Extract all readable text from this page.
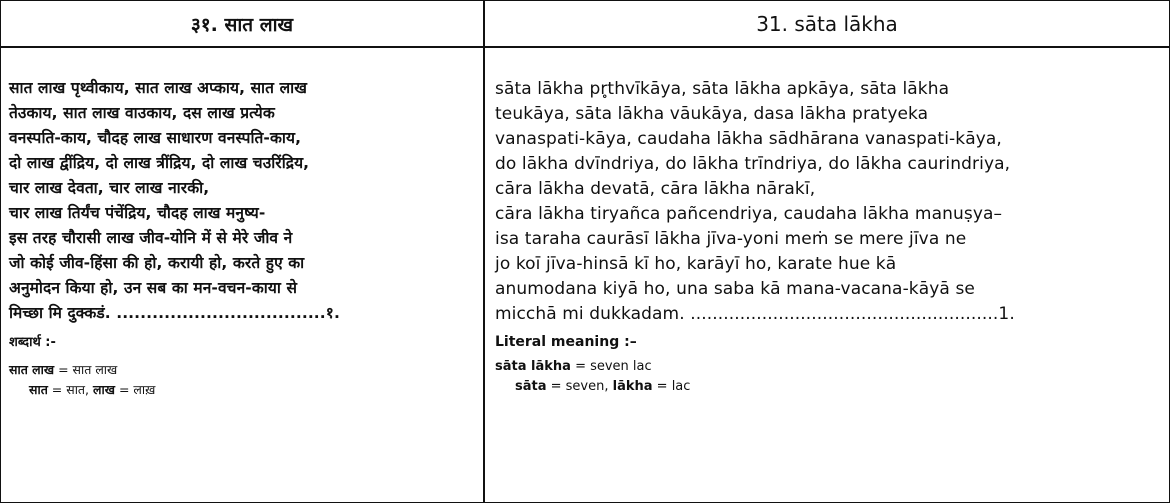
३१. सात लाख
सात लाख पृथ्वीकाय, सात लाख अप्काय, सात लाख
तेउकाय, सात लाख वाउकाय, दस लाख प्रत्येक
वनस्पति-काय, चौदह लाख साधारण वनस्पति-काय,
दो लाख द्वींद्रिय, दो लाख त्रींद्रिय, दो लाख चउरिंद्रिय,
चार लाख देवता, चार लाख नारकी,
चार लाख तिर्यंच पंचेंद्रिय, चौदह लाख मनुष्य-
इस तरह चौरासी लाख जीव-योनि में से मेरे जीव ने
जो कोई जीव-हिंसा की हो, करायी हो, करते हुए का
अनुमोदन किया हो, उन सब का मन-वचन-काया से
मिच्छा मि दुक्कडं. ...................................१.
शब्दार्थ :-
सात लाख = सात लाख
सात = सात, लाख = लाख़
31. sāta lākha
sāta lākha pr̥thvīkāya, sāta lākha apkāya, sāta lākha
teukāya, sāta lākha vāukāya, dasa lākha pratyeka
vanaspati-kāya, caudaha lākha sādhārana vanaspati-kāya,
do lākha dvīndriya, do lākha trīndriya, do lākha caurindriya,
cāra lākha devatā, cāra lākha nārakī,
cāra lākha tiryañca pañcendriya, caudaha lākha manuṣya–
isa taraha caurāsī lākha jīva-yoni meṁ se mere jīva ne
jo koī jīva-hinsā kī ho, karāyī ho, karate hue kā
anumodana kiyā ho, una saba kā mana-vacana-kāyā se
micchā mi dukkadam. ........................................................1.
Literal meaning :–
sāta lākha = seven lac
sāta = seven, lākha = lac
